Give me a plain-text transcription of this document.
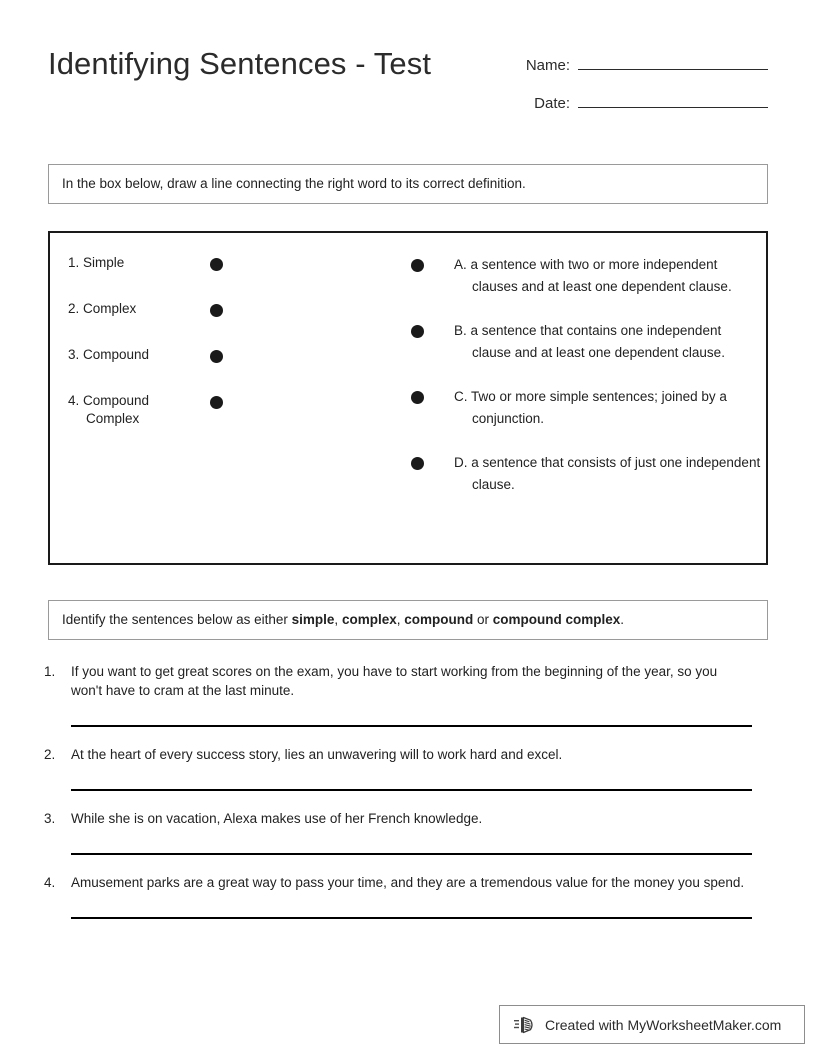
Identifying Sentences - Test	Name:
Date:
In the box below, draw a line connecting the right word to its correct definition.
1. Simple
2. Complex
3. Compound
4. Compound Complex
A. a sentence with two or more independent clauses and at least one dependent clause.
B. a sentence that contains one independent clause and at least one dependent clause.
C. Two or more simple sentences; joined by a conjunction.
D. a sentence that consists of just one independent clause.
Identify the sentences below as either simple, complex, compound or compound complex.
1.	If you want to get great scores on the exam, you have to start working from the beginning of the year, so you won't have to cram at the last minute.
2.	At the heart of every success story, lies an unwavering will to work hard and excel.
3.	While she is on vacation, Alexa makes use of her French knowledge.
4.	Amusement parks are a great way to pass your time, and they are a tremendous value for the money you spend.
Created with MyWorksheetMaker.com
